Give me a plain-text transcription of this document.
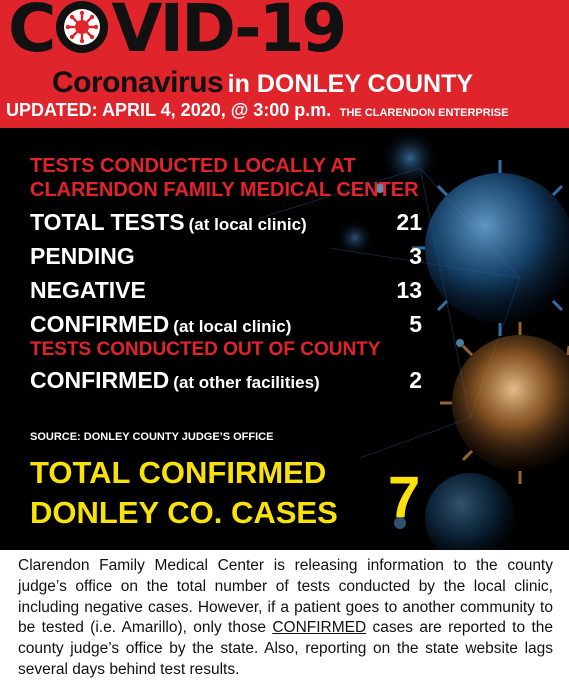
C VID-19
Coronavirus in DONLEY COUNTY
UPDATED: APRIL 4, 2020, @ 3:00 p.m. THE CLARENDON ENTERPRISE
TESTS CONDUCTED LOCALLY AT
CLARENDON FAMILY MEDICAL CENTER
TOTAL TESTS (at local clinic)	21
PENDING	3
NEGATIVE	13
CONFIRMED (at local clinic)	5
TESTS CONDUCTED OUT OF COUNTY
CONFIRMED (at other facilities)	2
SOURCE: DONLEY COUNTY JUDGE’S OFFICE
TOTAL CONFIRMED
DONLEY CO. CASES 7
Clarendon Family Medical Center is releasing information to the county judge’s office on the total number of tests conducted by the local clinic, including negative cases. However, if a patient goes to another community to be tested (i.e. Amarillo), only those CONFIRMED cases are reported to the county judge’s office by the state. Also, reporting on the state website lags several days behind test results.
